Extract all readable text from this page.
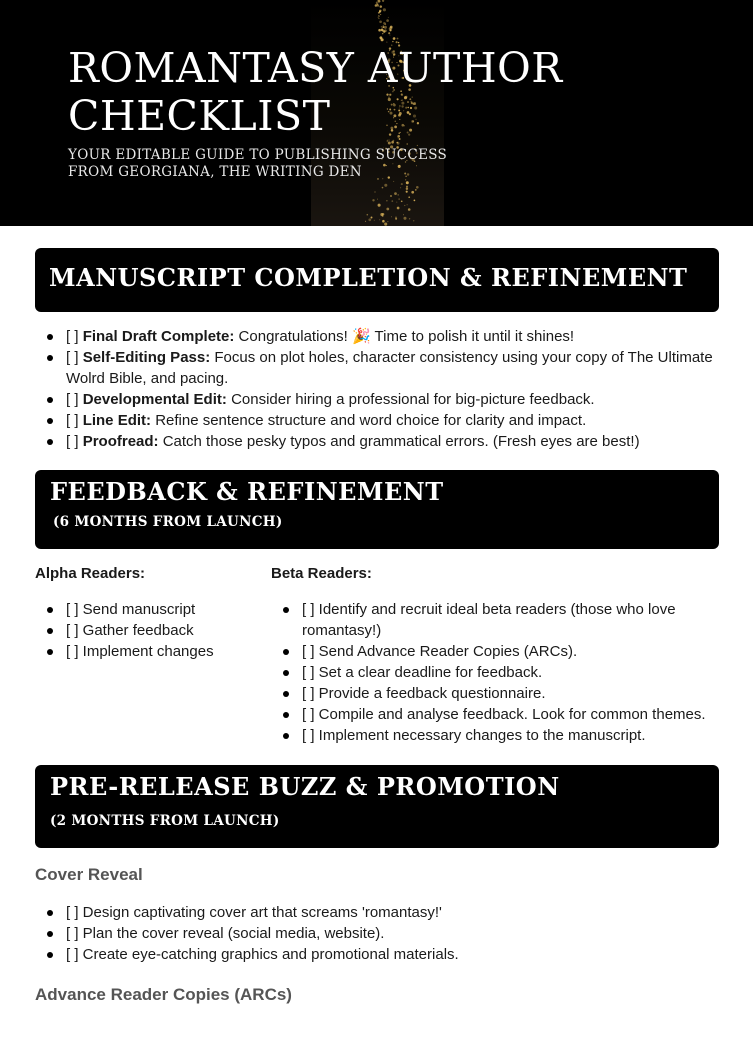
ROMANTASY AUTHOR CHECKLIST
YOUR EDITABLE GUIDE TO PUBLISHING SUCCESS
FROM GEORGIANA, THE WRITING DEN
MANUSCRIPT COMPLETION & REFINEMENT
[ ] Final Draft Complete: Congratulations! 🎉 Time to polish it until it shines!
[ ] Self-Editing Pass: Focus on plot holes, character consistency using your copy of The Ultimate Wolrd Bible, and pacing.
[ ] Developmental Edit: Consider hiring a professional for big-picture feedback.
[ ] Line Edit: Refine sentence structure and word choice for clarity and impact.
[ ] Proofread: Catch those pesky typos and grammatical errors. (Fresh eyes are best!)
FEEDBACK & REFINEMENT
(6 MONTHS FROM LAUNCH)
Alpha Readers:
[ ] Send manuscript
[ ] Gather feedback
[ ] Implement changes
Beta Readers:
[ ] Identify and recruit ideal beta readers (those who love romantasy!)
[ ] Send Advance Reader Copies (ARCs).
[ ] Set a clear deadline for feedback.
[ ] Provide a feedback questionnaire.
[ ] Compile and analyse feedback. Look for common themes.
[ ] Implement necessary changes to the manuscript.
PRE-RELEASE BUZZ & PROMOTION
(2 MONTHS FROM LAUNCH)
Cover Reveal
[ ] Design captivating cover art that screams 'romantasy!'
[ ] Plan the cover reveal (social media, website).
[ ] Create eye-catching graphics and promotional materials.
Advance Reader Copies (ARCs)
